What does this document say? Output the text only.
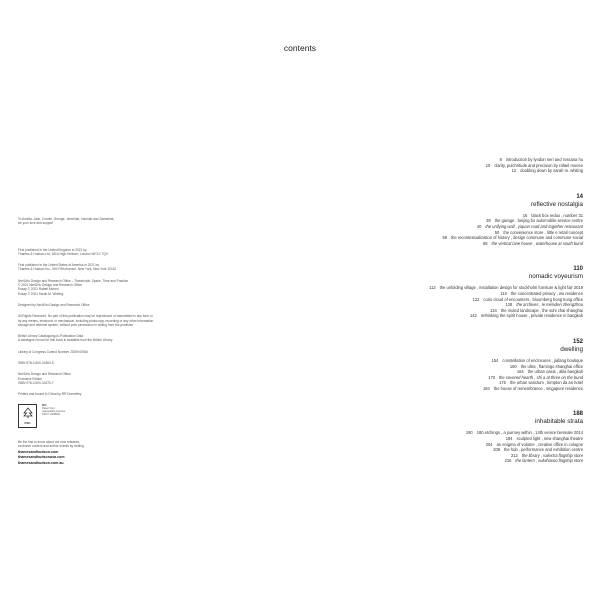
contents

To Amelia, Jack, Connie, George, Jeremiah, Hannah and Zacharias,
for your love and support

First published in the United Kingdom in 2021 by
Thames & Hudson Ltd, 181A High Holborn, London WC1V 7QX

First published in the United States of America in 2021 by
Thames & Hudson Inc., 500 Fifth Avenue, New York, New York 10110

Neri&Hu Design and Research Office – Thresholds: Space, Time and Practice
© 2021 Neri&Hu Design and Research Office
Essay © 2021 Rafael Moneo
Essay © 2021 Sarah M. Whiting

Designed by Neri&Hu Design and Research Office

All Rights Reserved. No part of this publication may be reproduced or transmitted in any form or
by any means, electronic or mechanical, including photocopy, recording or any other information
storage and retrieval system, without prior permission in writing from the publisher

British Library Cataloguing-in-Publication Data
A catalogue record for this book is available from the British Library

Library of Congress Control Number 2020947666

ISBN 978-0-500-34363-9

Neri&Hu Design and Research Office
Exclusive Edition
ISBN 978-0-500-34370-7

Printed and bound in China by RR Donnelley

FSC

MIX

Paper from
responsible sources

FSC® C008047

Be the first to know about our new releases,
exclusive content and author events by visiting

thamesandhudson.com
thamesandhudsonusa.com
thamesandhudson.com.au
8 introduction by lyndon neri and rossana hu
10 clarity, pulchritude and precision by rafael moneo
12 doubling down by sarah m. whiting
14
reflective nostalgia
16 black box redux , number 31
28 the garage , beijing bo automobile service centre
40 the unifying wall , yiquan road and together restaurant
50 the convenience store , little e retail concept
58 the recontextualization of history , design commune and commune social
68 the vertical lane house , waterhouse at south bund
110
nomadic voyeurism
112 the unfolding village , installation design for stockholm furniture & light fair 2019
116 the concentrated privacy , wu residence
122 curio cloud of encounters , bloomberg hong kong office
128 the archives , le méridien zhengzhou
134 the muted landscape , the suhi chai shanghai
142 rethinking the spirit house , private residence in bangkok
152
dwelling
154 constellation of enclosures , jiafang boutique
160 the ultra , flamingo shanghai office
164 the urban oasis , alila bangkok
170 the covered hearth , chi a at three on the bund
176 the urban sanctum , kimpton da an hotel
184 the house of remembrance , singapore residence
188
inhabitable strata
190 180 etchings , a journey within , 14th venice biennale 2014
194 sculpted light , new shanghai theatre
204 an enigma of volume , creative office in cologne
208 the hub , performance and exhibition centre
212 the library , valextra flagship store
216 the lantern , sulwhasoo flagship store
